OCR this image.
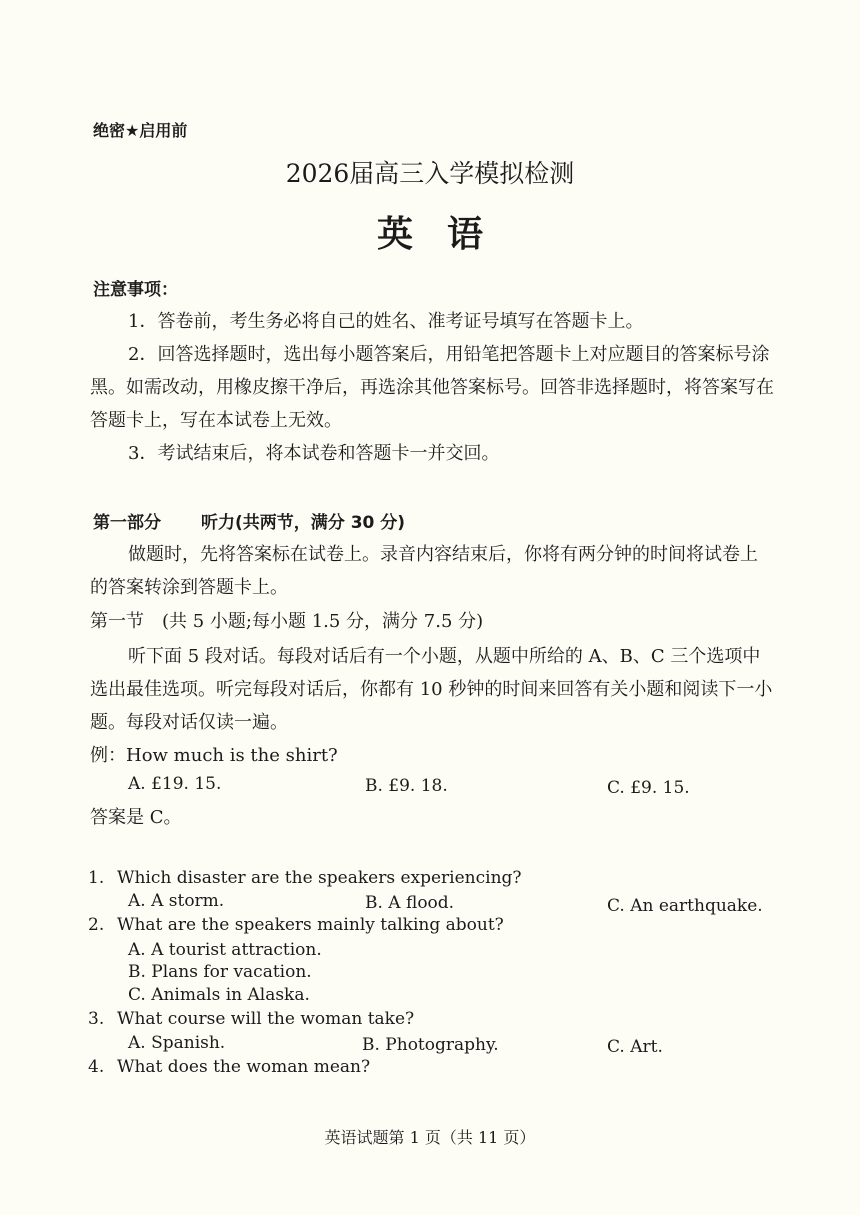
绝密★启用前
2026届高三入学模拟检测
英语
注意事项：
1．答卷前，考生务必将自己的姓名、准考证号填写在答题卡上。
2．回答选择题时，选出每小题答案后，用铅笔把答题卡上对应题目的答案标号涂黑。如需改动，用橡皮擦干净后，再选涂其他答案标号。回答非选择题时，将答案写在答题卡上，写在本试卷上无效。
3．考试结束后，将本试卷和答题卡一并交回。
第一部分 听力(共两节，满分 30 分)
做题时，先将答案标在试卷上。录音内容结束后，你将有两分钟的时间将试卷上的答案转涂到答题卡上。
第一节　(共 5 小题;每小题 1.5 分，满分 7.5 分)
听下面 5 段对话。每段对话后有一个小题，从题中所给的 A、B、C 三个选项中选出最佳选项。听完每段对话后，你都有 10 秒钟的时间来回答有关小题和阅读下一小题。每段对话仅读一遍。
例：How much is the shirt?
A. £19. 15.	B. £9. 18.	C. £9. 15.
答案是 C。
1. Which disaster are the speakers experiencing?
A. A storm.	B. A flood.	C. An earthquake.
2. What are the speakers mainly talking about?
A. A tourist attraction.
B. Plans for vacation.
C. Animals in Alaska.
3. What course will the woman take?
A. Spanish.	B. Photography.	C. Art.
4. What does the woman mean?
英语试题第 1 页（共 11 页）
